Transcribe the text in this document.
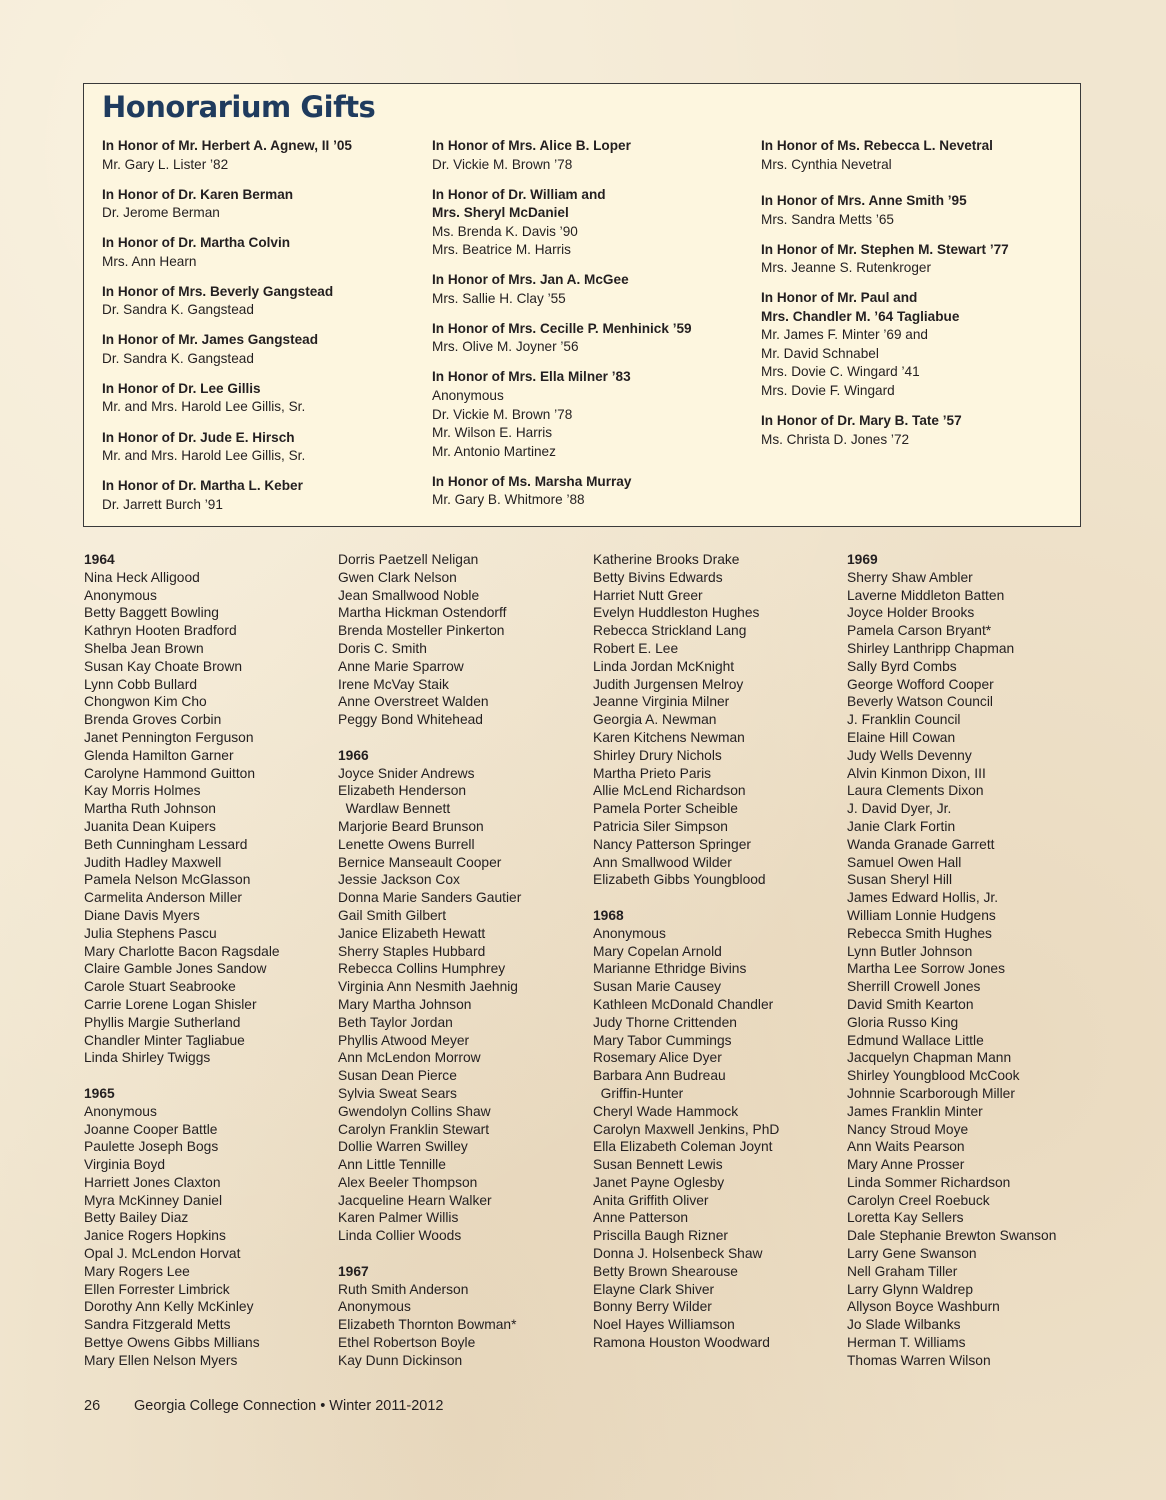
Honorarium Gifts
In Honor of Mr. Herbert A. Agnew, II ’05
Mr. Gary L. Lister ’82
In Honor of Dr. Karen Berman
Dr. Jerome Berman
In Honor of Dr. Martha Colvin
Mrs. Ann Hearn
In Honor of Mrs. Beverly Gangstead
Dr. Sandra K. Gangstead
In Honor of Mr. James Gangstead
Dr. Sandra K. Gangstead
In Honor of Dr. Lee Gillis
Mr. and Mrs. Harold Lee Gillis, Sr.
In Honor of Dr. Jude E. Hirsch
Mr. and Mrs. Harold Lee Gillis, Sr.
In Honor of Dr. Martha L. Keber
Dr. Jarrett Burch ’91
In Honor of Mrs. Alice B. Loper
Dr. Vickie M. Brown ’78
In Honor of Dr. William and
Mrs. Sheryl McDaniel
Ms. Brenda K. Davis ’90
Mrs. Beatrice M. Harris
In Honor of Mrs. Jan A. McGee
Mrs. Sallie H. Clay ’55
In Honor of Mrs. Cecille P. Menhinick ’59
Mrs. Olive M. Joyner ’56
In Honor of Mrs. Ella Milner ’83
Anonymous
Dr. Vickie M. Brown ’78
Mr. Wilson E. Harris
Mr. Antonio Martinez
In Honor of Ms. Marsha Murray
Mr. Gary B. Whitmore ’88
In Honor of Ms. Rebecca L. Nevetral
Mrs. Cynthia Nevetral
In Honor of Mrs. Anne Smith ’95
Mrs. Sandra Metts ’65
In Honor of Mr. Stephen M. Stewart ’77
Mrs. Jeanne S. Rutenkroger
In Honor of Mr. Paul and
Mrs. Chandler M. ’64 Tagliabue
Mr. James F. Minter ’69 and
Mr. David Schnabel
Mrs. Dovie C. Wingard ’41
Mrs. Dovie F. Wingard
In Honor of Dr. Mary B. Tate ’57
Ms. Christa D. Jones ’72
1964
Nina Heck Alligood
Anonymous
Betty Baggett Bowling
Kathryn Hooten Bradford
Shelba Jean Brown
Susan Kay Choate Brown
Lynn Cobb Bullard
Chongwon Kim Cho
Brenda Groves Corbin
Janet Pennington Ferguson
Glenda Hamilton Garner
Carolyne Hammond Guitton
Kay Morris Holmes
Martha Ruth Johnson
Juanita Dean Kuipers
Beth Cunningham Lessard
Judith Hadley Maxwell
Pamela Nelson McGlasson
Carmelita Anderson Miller
Diane Davis Myers
Julia Stephens Pascu
Mary Charlotte Bacon Ragsdale
Claire Gamble Jones Sandow
Carole Stuart Seabrooke
Carrie Lorene Logan Shisler
Phyllis Margie Sutherland
Chandler Minter Tagliabue
Linda Shirley Twiggs
1965
Anonymous
Joanne Cooper Battle
Paulette Joseph Bogs
Virginia Boyd
Harriett Jones Claxton
Myra McKinney Daniel
Betty Bailey Diaz
Janice Rogers Hopkins
Opal J. McLendon Horvat
Mary Rogers Lee
Ellen Forrester Limbrick
Dorothy Ann Kelly McKinley
Sandra Fitzgerald Metts
Bettye Owens Gibbs Millians
Mary Ellen Nelson Myers
Dorris Paetzell Neligan
Gwen Clark Nelson
Jean Smallwood Noble
Martha Hickman Ostendorff
Brenda Mosteller Pinkerton
Doris C. Smith
Anne Marie Sparrow
Irene McVay Staik
Anne Overstreet Walden
Peggy Bond Whitehead
1966
Joyce Snider Andrews
Elizabeth Henderson
Wardlaw Bennett
Marjorie Beard Brunson
Lenette Owens Burrell
Bernice Manseault Cooper
Jessie Jackson Cox
Donna Marie Sanders Gautier
Gail Smith Gilbert
Janice Elizabeth Hewatt
Sherry Staples Hubbard
Rebecca Collins Humphrey
Virginia Ann Nesmith Jaehnig
Mary Martha Johnson
Beth Taylor Jordan
Phyllis Atwood Meyer
Ann McLendon Morrow
Susan Dean Pierce
Sylvia Sweat Sears
Gwendolyn Collins Shaw
Carolyn Franklin Stewart
Dollie Warren Swilley
Ann Little Tennille
Alex Beeler Thompson
Jacqueline Hearn Walker
Karen Palmer Willis
Linda Collier Woods
1967
Ruth Smith Anderson
Anonymous
Elizabeth Thornton Bowman*
Ethel Robertson Boyle
Kay Dunn Dickinson
Katherine Brooks Drake
Betty Bivins Edwards
Harriet Nutt Greer
Evelyn Huddleston Hughes
Rebecca Strickland Lang
Robert E. Lee
Linda Jordan McKnight
Judith Jurgensen Melroy
Jeanne Virginia Milner
Georgia A. Newman
Karen Kitchens Newman
Shirley Drury Nichols
Martha Prieto Paris
Allie McLend Richardson
Pamela Porter Scheible
Patricia Siler Simpson
Nancy Patterson Springer
Ann Smallwood Wilder
Elizabeth Gibbs Youngblood
1968
Anonymous
Mary Copelan Arnold
Marianne Ethridge Bivins
Susan Marie Causey
Kathleen McDonald Chandler
Judy Thorne Crittenden
Mary Tabor Cummings
Rosemary Alice Dyer
Barbara Ann Budreau
Griffin-Hunter
Cheryl Wade Hammock
Carolyn Maxwell Jenkins, PhD
Ella Elizabeth Coleman Joynt
Susan Bennett Lewis
Janet Payne Oglesby
Anita Griffith Oliver
Anne Patterson
Priscilla Baugh Rizner
Donna J. Holsenbeck Shaw
Betty Brown Shearouse
Elayne Clark Shiver
Bonny Berry Wilder
Noel Hayes Williamson
Ramona Houston Woodward
1969
Sherry Shaw Ambler
Laverne Middleton Batten
Joyce Holder Brooks
Pamela Carson Bryant*
Shirley Lanthripp Chapman
Sally Byrd Combs
George Wofford Cooper
Beverly Watson Council
J. Franklin Council
Elaine Hill Cowan
Judy Wells Devenny
Alvin Kinmon Dixon, III
Laura Clements Dixon
J. David Dyer, Jr.
Janie Clark Fortin
Wanda Granade Garrett
Samuel Owen Hall
Susan Sheryl Hill
James Edward Hollis, Jr.
William Lonnie Hudgens
Rebecca Smith Hughes
Lynn Butler Johnson
Martha Lee Sorrow Jones
Sherrill Crowell Jones
David Smith Kearton
Gloria Russo King
Edmund Wallace Little
Jacquelyn Chapman Mann
Shirley Youngblood McCook
Johnnie Scarborough Miller
James Franklin Minter
Nancy Stroud Moye
Ann Waits Pearson
Mary Anne Prosser
Linda Sommer Richardson
Carolyn Creel Roebuck
Loretta Kay Sellers
Dale Stephanie Brewton Swanson
Larry Gene Swanson
Nell Graham Tiller
Larry Glynn Waldrep
Allyson Boyce Washburn
Jo Slade Wilbanks
Herman T. Williams
Thomas Warren Wilson
26 Georgia College Connection • Winter 2011-2012
